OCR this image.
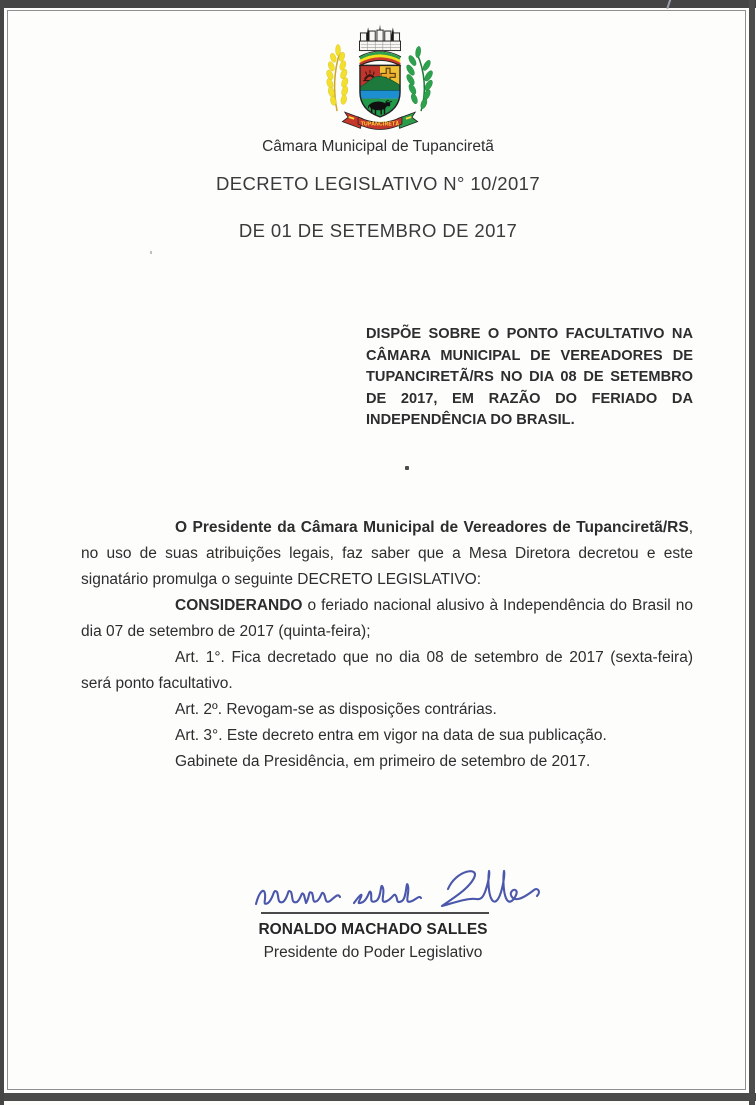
TUPANCIRETÃ
Câmara Municipal de Tupanciretã
DECRETO LEGISLATIVO N° 10/2017
DE 01 DE SETEMBRO DE 2017
DISPÕE SOBRE O PONTO FACULTATIVO NA CÂMARA MUNICIPAL DE VEREADORES DE TUPANCIRETÃ/RS NO DIA 08 DE SETEMBRO DE 2017, EM RAZÃO DO FERIADO DA INDEPENDÊNCIA DO BRASIL.

O Presidente da Câmara Municipal de Vereadores de Tupanciretã/RS, no uso de suas atribuições legais, faz saber que a Mesa Diretora decretou e este signatário promulga o seguinte DECRETO LEGISLATIVO:

CONSIDERANDO o feriado nacional alusivo à Independência do Brasil no dia 07 de setembro de 2017 (quinta-feira);

Art. 1°. Fica decretado que no dia 08 de setembro de 2017 (sexta-feira) será ponto facultativo.

Art. 2º. Revogam-se as disposições contrárias.

Art. 3°. Este decreto entra em vigor na data de sua publicação.

Gabinete da Presidência, em primeiro de setembro de 2017.

RONALDO MACHADO SALLES
Presidente do Poder Legislativo
